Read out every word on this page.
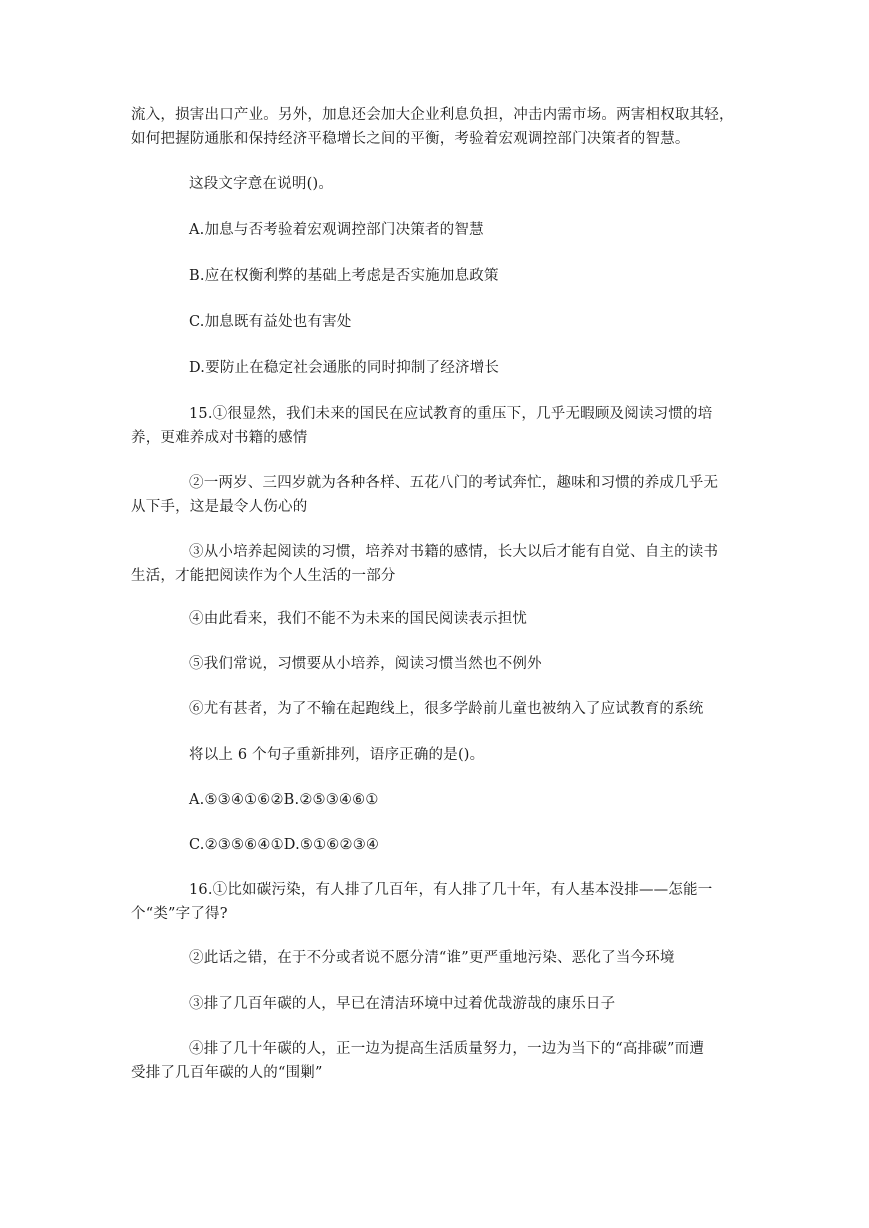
流入，损害出口产业。另外，加息还会加大企业利息负担，冲击内需市场。两害相权取其轻，
如何把握防通胀和保持经济平稳增长之间的平衡，考验着宏观调控部门决策者的智慧。

这段文字意在说明()。

A.加息与否考验着宏观调控部门决策者的智慧

B.应在权衡利弊的基础上考虑是否实施加息政策

C.加息既有益处也有害处

D.要防止在稳定社会通胀的同时抑制了经济增长

15.①很显然，我们未来的国民在应试教育的重压下，几乎无暇顾及阅读习惯的培
养，更难养成对书籍的感情

②一两岁、三四岁就为各种各样、五花八门的考试奔忙，趣味和习惯的养成几乎无
从下手，这是最令人伤心的

③从小培养起阅读的习惯，培养对书籍的感情，长大以后才能有自觉、自主的读书
生活，才能把阅读作为个人生活的一部分

④由此看来，我们不能不为未来的国民阅读表示担忧

⑤我们常说，习惯要从小培养，阅读习惯当然也不例外

⑥尤有甚者，为了不输在起跑线上，很多学龄前儿童也被纳入了应试教育的系统

将以上 6 个句子重新排列，语序正确的是()。

A.⑤③④①⑥②B.②⑤③④⑥①

C.②③⑤⑥④①D.⑤①⑥②③④

16.①比如碳污染，有人排了几百年，有人排了几十年，有人基本没排——怎能一
个“类”字了得?

②此话之错，在于不分或者说不愿分清“谁”更严重地污染、恶化了当今环境

③排了几百年碳的人，早已在清洁环境中过着优哉游哉的康乐日子

④排了几十年碳的人，正一边为提高生活质量努力，一边为当下的“高排碳”而遭
受排了几百年碳的人的“围剿”
